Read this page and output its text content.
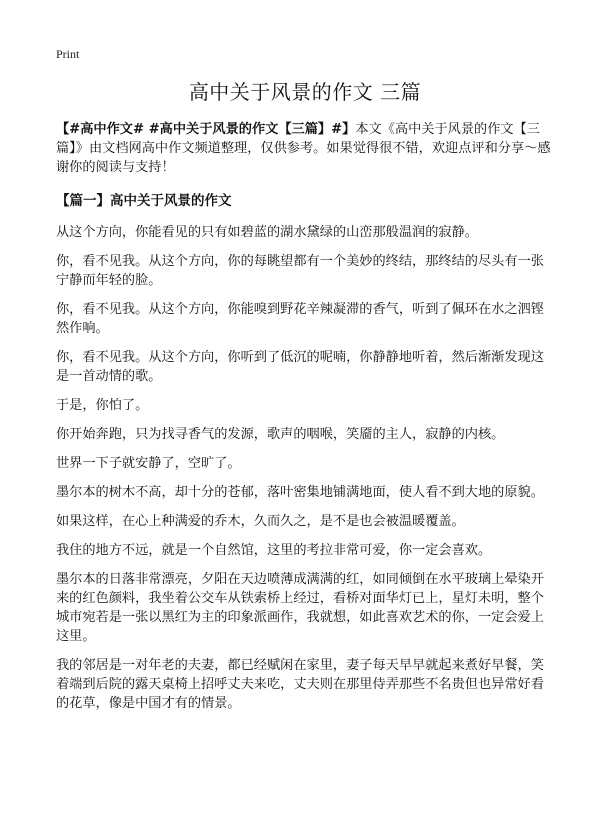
Print
高中关于风景的作文 三篇

【#高中作文# #高中关于风景的作文【三篇】#】本文《高中关于风景的作文【三篇】》由文档网高中作文频道整理，仅供参考。如果觉得很不错，欢迎点评和分享～感谢你的阅读与支持！

【篇一】高中关于风景的作文

从这个方向，你能看见的只有如碧蓝的湖水黛绿的山峦那般温润的寂静。

你，看不见我。从这个方向，你的每眺望都有一个美妙的终结，那终结的尽头有一张宁静而年轻的脸。

你，看不见我。从这个方向，你能嗅到野花辛辣凝滞的香气，听到了佩环在水之泗铿然作响。

你，看不见我。从这个方向，你听到了低沉的呢喃，你静静地听着，然后渐渐发现这是一首动情的歌。

于是，你怕了。

你开始奔跑，只为找寻香气的发源，歌声的咽喉，笑靥的主人，寂静的内核。

世界一下子就安静了，空旷了。

墨尔本的树木不高，却十分的苍郁，落叶密集地铺满地面，使人看不到大地的原貌。

如果这样，在心上种满爱的乔木，久而久之，是不是也会被温暖覆盖。

我住的地方不远，就是一个自然馆，这里的考拉非常可爱，你一定会喜欢。

墨尔本的日落非常漂亮，夕阳在天边喷薄成满满的红，如同倾倒在水平玻璃上晕染开来的红色颜料，我坐着公交车从铁索桥上经过，看桥对面华灯已上，星灯未明，整个城市宛若是一张以黑红为主的印象派画作，我就想，如此喜欢艺术的你，一定会爱上这里。

我的邻居是一对年老的夫妻，都已经赋闲在家里，妻子每天早早就起来煮好早餐，笑着端到后院的露天桌椅上招呼丈夫来吃，丈夫则在那里侍弄那些不名贵但也异常好看的花草，像是中国才有的情景。
